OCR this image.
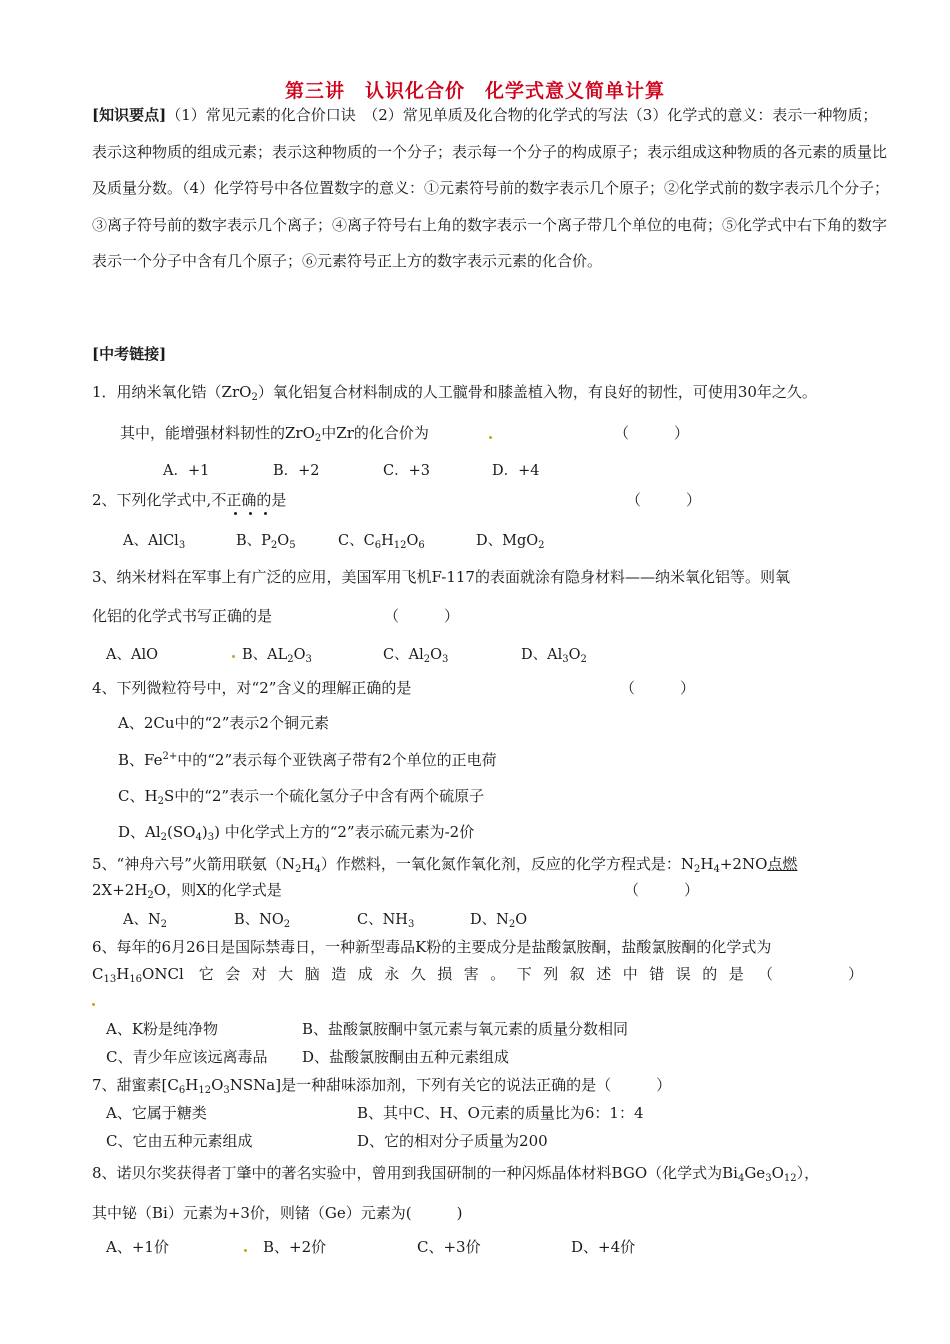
第三讲　认识化合价　化学式意义简单计算

[知识要点]（1）常见元素的化合价口诀　（2）常见单质及化合物的化学式的写法（3）化学式的意义：表示一种物质；表示这种物质的组成元素；表示这种物质的一个分子；表示每一个分子的构成原子；表示组成这种物质的各元素的质量比及质量分数。（4）化学符号中各位置数字的意义：①元素符号前的数字表示几个原子；②化学式前的数字表示几个分子；③离子符号前的数字表示几个离子；④离子符号右上角的数字表示一个离子带几个单位的电荷；⑤化学式中右下角的数字表示一个分子中含有几个原子；⑥元素符号正上方的数字表示元素的化合价。

[中考链接]
1．用纳米氧化锆（ZrO$_2$）氧化铝复合材料制成的人工髋骨和膝盖植入物，有良好的韧性，可使用30年之久。
其中，能增强材料韧性的ZrO$_2$中Zr的化合价为	（　　　）
A．+1	B．+2	C．+3	D．+4
2、下列化学式中,不正确的是	（　　　）
A、AlCl$_3$	B、$P_2O_5$	C、$C_6H_{12}O_6$	D、MgO$_2$
3、纳米材料在军事上有广泛的应用，美国军用飞机F-117的表面就涂有隐身材料——纳米氧化铝等。则氧
化铝的化学式书写正确的是	（　　　）
A、AlO	B、$AL_2O_3$	C、$Al_2O_3$	D、$Al_3O_2$
4、下列微粒符号中，对“2”含义的理解正确的是	（　　　）
A、2Cu中的“2”表示2个铜元素
B、$Fe^{2+}$中的“2”表示每个亚铁离子带有2个单位的正电荷
C、$H_2S$中的“2”表示一个硫化氢分子中含有两个硫原子
D、$Al_2(SO_4)_3$) 中化学式上方的“2”表示硫元素为-2价
5、“神舟六号”火箭用联氨$(N_2H_4)$作燃料，一氧化氮作氧化剂，反应的化学方程式是：$N_2H_4+2NO$点燃
$2X+2H_2O$，则X的化学式是	（　　　）
A、$N_2$	B、$NO_2$	C、$NH_3$	D、$N_2O$
6、每年的6月26日是国际禁毒日，一种新型毒品K粉的主要成分是盐酸氯胺酮，盐酸氯胺酮的化学式为
$C_{13}H_{16}ONCl$　它会对大脑造成永久损害。下列叙述中错误的是 （　　　　　）
A、K粉是纯净物	B、盐酸氯胺酮中氢元素与氧元素的质量分数相同
C、青少年应该远离毒品 D、盐酸氯胺酮由五种元素组成
7、甜蜜素$[C_6H_{12}O_3NSNa]$是一种甜味添加剂，下列有关它的说法正确的是（　　　）
A、它属于糖类	B、其中C、H、O元素的质量比为6：1：4
C、它由五种元素组成	D、它的相对分子质量为200
8、诺贝尔奖获得者丁肇中的著名实验中，曾用到我国研制的一种闪烁晶体材料BGO（化学式为$Bi_4Ge_3O_{12}$），
其中铋（Bi）元素为+3价，则锗（Ge）元素为(　　　)
A、+1价	B、+2价	C、+3价	D、+4价
